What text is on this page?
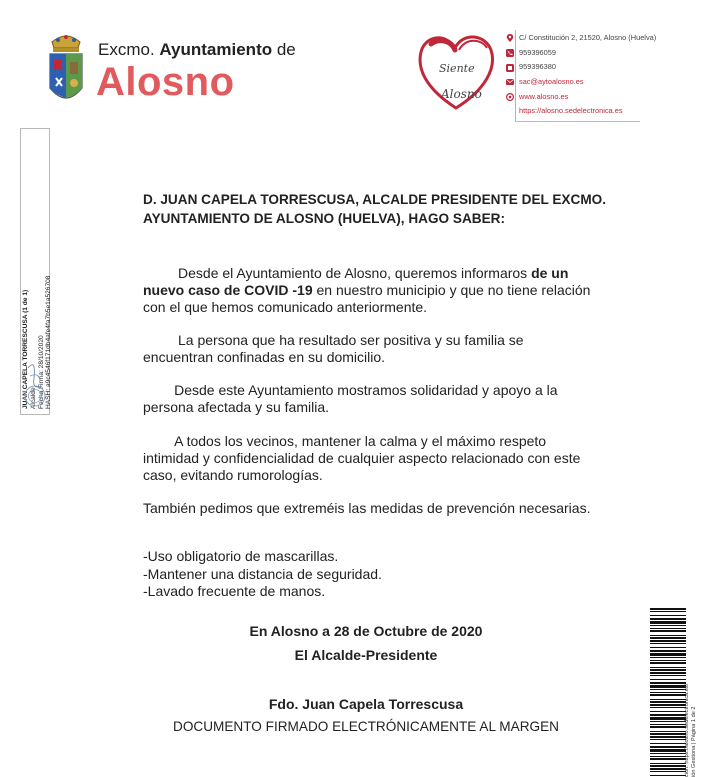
Excmo. Ayuntamiento de
Alosno	Siente
Alosno
C/ Constitución 2, 21520, Alosno (Huelva)
959396059
959396380
sac@aytoalosno.es
www.alosno.es
https://alosno.sedelectronica.es
JUAN CAPELA TORRESCUSA (1 de 1) Alcalde Fecha Firma: 28/10/2020 HASH: a9c4546f171db4afe4fa7b5e1a526708
D. JUAN CAPELA TORRESCUSA, ALCALDE PRESIDENTE DEL EXCMO. AYUNTAMIENTO DE ALOSNO (HUELVA), HAGO SABER:
Desde el Ayuntamiento de Alosno, queremos informaros de un nuevo caso de COVID -19 en nuestro municipio y que no tiene relación con el que hemos comunicado anteriormente.
La persona que ha resultado ser positiva y su familia se encuentran confinadas en su domicilio.
Desde este Ayuntamiento mostramos solidaridad y apoyo a la persona afectada y su familia.
A todos los vecinos, mantener la calma y el máximo respeto intimidad y confidencialidad de cualquier aspecto relacionado con este caso, evitando rumorologías.
También pedimos que extreméis las medidas de prevención necesarias.
-Uso obligatorio de mascarillas.
-Mantener una distancia de seguridad.
-Lavado frecuente de manos.
En Alosno a 28 de Octubre de 2020
El Alcalde-Presidente
Fdo. Juan Capela Torrescusa
DOCUMENTO FIRMADO ELECTRÓNICAMENTE AL MARGEN	ción: https://alosno.sedelectronica.es/ ión Gestiona | Página 1 de 2
